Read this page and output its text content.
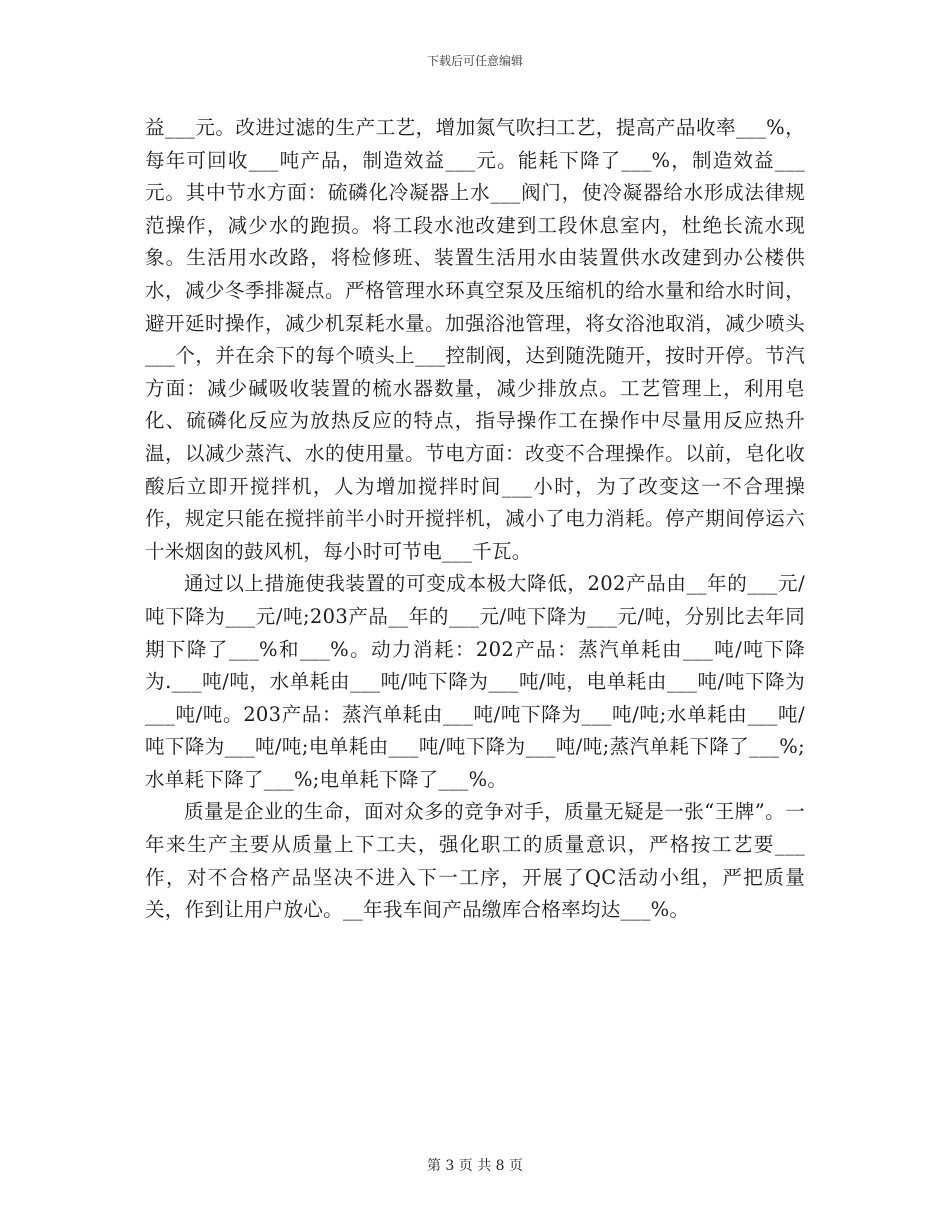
下载后可任意编辑

益___元。改进过滤的生产工艺，增加氮气吹扫工艺，提高产品收率___%，每年可回收___吨产品，制造效益___元。能耗下降了___%，制造效益___元。其中节水方面：硫磷化冷凝器上水___阀门，使冷凝器给水形成法律规范操作，减少水的跑损。将工段水池改建到工段休息室内，杜绝长流水现象。生活用水改路，将检修班、装置生活用水由装置供水改建到办公楼供水，减少冬季排凝点。严格管理水环真空泵及压缩机的给水量和给水时间，避开延时操作，减少机泵耗水量。加强浴池管理，将女浴池取消，减少喷头___个，并在余下的每个喷头上___控制阀，达到随洗随开，按时开停。节汽方面：减少碱吸收装置的梳水器数量，减少排放点。工艺管理上，利用皂化、硫磷化反应为放热反应的特点，指导操作工在操作中尽量用反应热升温，以减少蒸汽、水的使用量。节电方面：改变不合理操作。以前，皂化收酸后立即开搅拌机，人为增加搅拌时间___小时，为了改变这一不合理操作，规定只能在搅拌前半小时开搅拌机，减小了电力消耗。停产期间停运六十米烟囱的鼓风机，每小时可节电___千瓦。

通过以上措施使我装置的可变成本极大降低，202产品由__年的___元/吨下降为___元/吨;203产品__年的___元/吨下降为___元/吨，分别比去年同期下降了___%和___%。动力消耗：202产品：蒸汽单耗由___吨/吨下降为.___吨/吨，水单耗由___吨/吨下降为___吨/吨，电单耗由___吨/吨下降为___吨/吨。203产品：蒸汽单耗由___吨/吨下降为___吨/吨;水单耗由___吨/吨下降为___吨/吨;电单耗由___吨/吨下降为___吨/吨;蒸汽单耗下降了___%;水单耗下降了___%;电单耗下降了___%。

质量是企业的生命，面对众多的竞争对手，质量无疑是一张“王牌”。一年来生产主要从质量上下工夫，强化职工的质量意识，严格按工艺要___作，对不合格产品坚决不进入下一工序，开展了QC活动小组，严把质量关，作到让用户放心。__年我车间产品缴库合格率均达___%。

第 3 页 共 8 页
